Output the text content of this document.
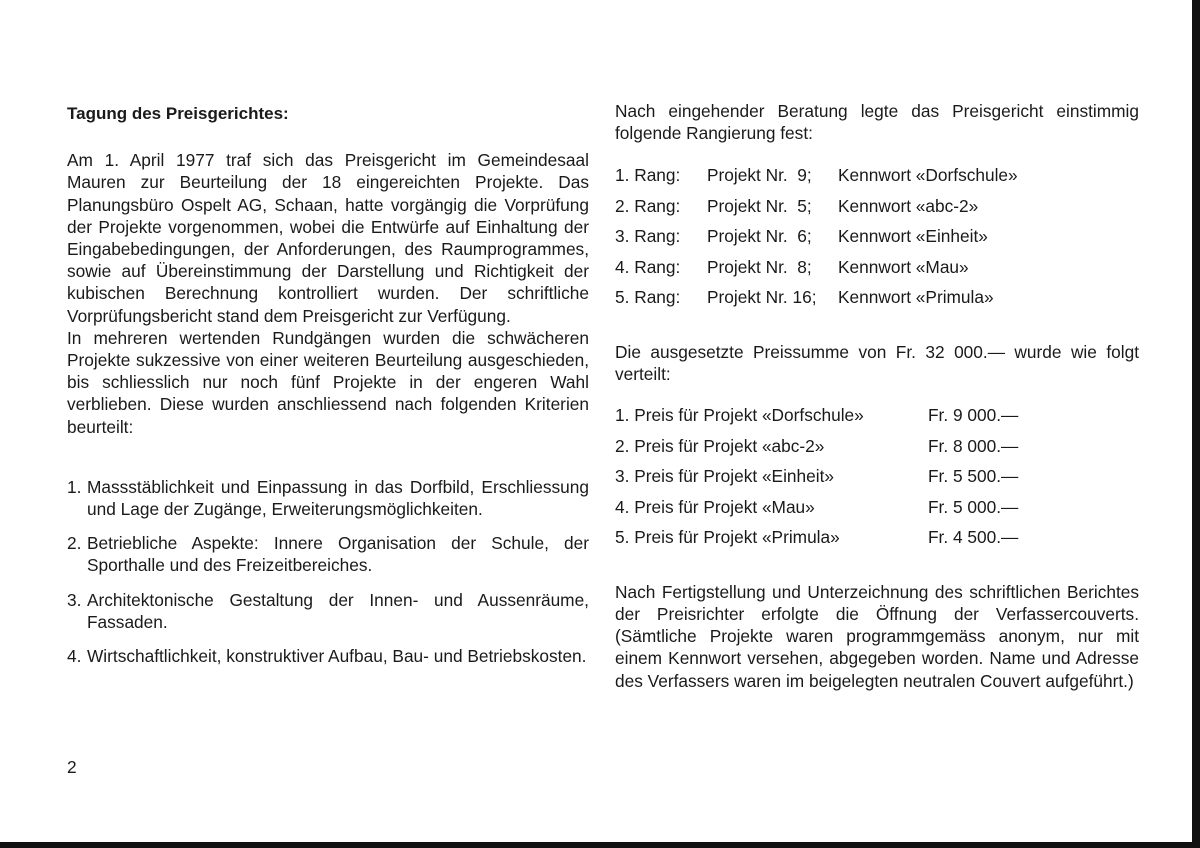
Tagung des Preisgerichtes:

Am 1. April 1977 traf sich das Preisgericht im Gemeindesaal Mauren zur Beurteilung der 18 eingereichten Projekte. Das Planungsbüro Ospelt AG, Schaan, hatte vorgängig die Vorprüfung der Projekte vorgenommen, wobei die Entwürfe auf Einhaltung der Eingabebedingungen, der Anforderungen, des Raumprogrammes, sowie auf Übereinstimmung der Darstellung und Richtigkeit der kubischen Berechnung kontrolliert wurden. Der schriftliche Vorprüfungsbericht stand dem Preisgericht zur Verfügung.

In mehreren wertenden Rundgängen wurden die schwächeren Projekte sukzessive von einer weiteren Beurteilung ausgeschieden, bis schliesslich nur noch fünf Projekte in der engeren Wahl verblieben. Diese wurden anschliessend nach folgenden Kriterien beurteilt:

1. Massstäblichkeit und Einpassung in das Dorfbild, Erschliessung und Lage der Zugänge, Erweiterungsmöglichkeiten.
2. Betriebliche Aspekte: Innere Organisation der Schule, der Sporthalle und des Freizeitbereiches.
3. Architektonische Gestaltung der Innen- und Aussenräume, Fassaden.
4. Wirtschaftlichkeit, konstruktiver Aufbau, Bau- und Betriebskosten.

Nach eingehender Beratung legte das Preisgericht einstimmig folgende Rangierung fest:

1. Rang:	Projekt Nr.  9;	Kennwort «Dorfschule»
2. Rang:	Projekt Nr.  5;	Kennwort «abc-2»
3. Rang:	Projekt Nr.  6;	Kennwort «Einheit»
4. Rang:	Projekt Nr.  8;	Kennwort «Mau»
5. Rang:	Projekt Nr. 16;	Kennwort «Primula»

Die ausgesetzte Preissumme von Fr. 32 000.— wurde wie folgt verteilt:

1. Preis für Projekt «Dorfschule»	Fr. 9 000.—
2. Preis für Projekt «abc-2»	Fr. 8 000.—
3. Preis für Projekt «Einheit»	Fr. 5 500.—
4. Preis für Projekt «Mau»	Fr. 5 000.—
5. Preis für Projekt «Primula»	Fr. 4 500.—

Nach Fertigstellung und Unterzeichnung des schriftlichen Berichtes der Preisrichter erfolgte die Öffnung der Verfassercouverts. (Sämtliche Projekte waren programmgemäss anonym, nur mit einem Kennwort versehen, abgegeben worden. Name und Adresse des Verfassers waren im beigelegten neutralen Couvert aufgeführt.)

2
